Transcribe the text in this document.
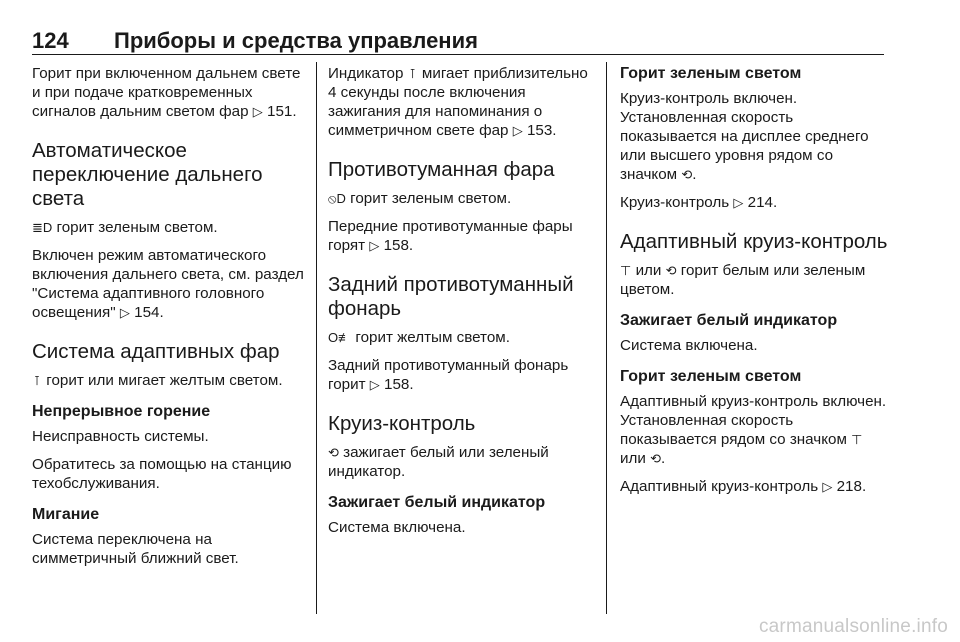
124 Приборы и средства управления

Горит при включенном дальнем свете и при подаче кратковременных сигналов дальним светом фар ▷ 151.

Автоматическое переключение дальнего света

≣D горит зеленым светом.

Включен режим автоматического включения дальнего света, см. раздел "Система адаптивного головного освещения" ▷ 154.

Система адаптивных фар

⊺ горит или мигает желтым светом.

Непрерывное горение

Неисправность системы.

Обратитесь за помощью на станцию техобслуживания.

Мигание

Система переключена на симметричный ближний свет.

Индикатор ⊺ мигает приблизительно 4 секунды после включения зажигания для напоминания о симметричном свете фар ▷ 153.

Противотуманная фара

⦸D горит зеленым светом.

Передние противотуманные фары горят ▷ 158.

Задний противотуманный фонарь

O≢ горит желтым светом.

Задний противотуманный фонарь горит ▷ 158.

Круиз-контроль

⟲ зажигает белый или зеленый индикатор.

Зажигает белый индикатор

Система включена.

Горит зеленым светом

Круиз-контроль включен. Установленная скорость показывается на дисплее среднего или высшего уровня рядом со значком ⟲.

Круиз-контроль ▷ 214.

Адаптивный круиз-контроль

⊤ или ⟲ горит белым или зеленым цветом.

Зажигает белый индикатор

Система включена.

Горит зеленым светом

Адаптивный круиз-контроль включен. Установленная скорость показывается рядом со значком ⊤ или ⟲.

Адаптивный круиз-контроль ▷ 218.

carmanualsonline.info
